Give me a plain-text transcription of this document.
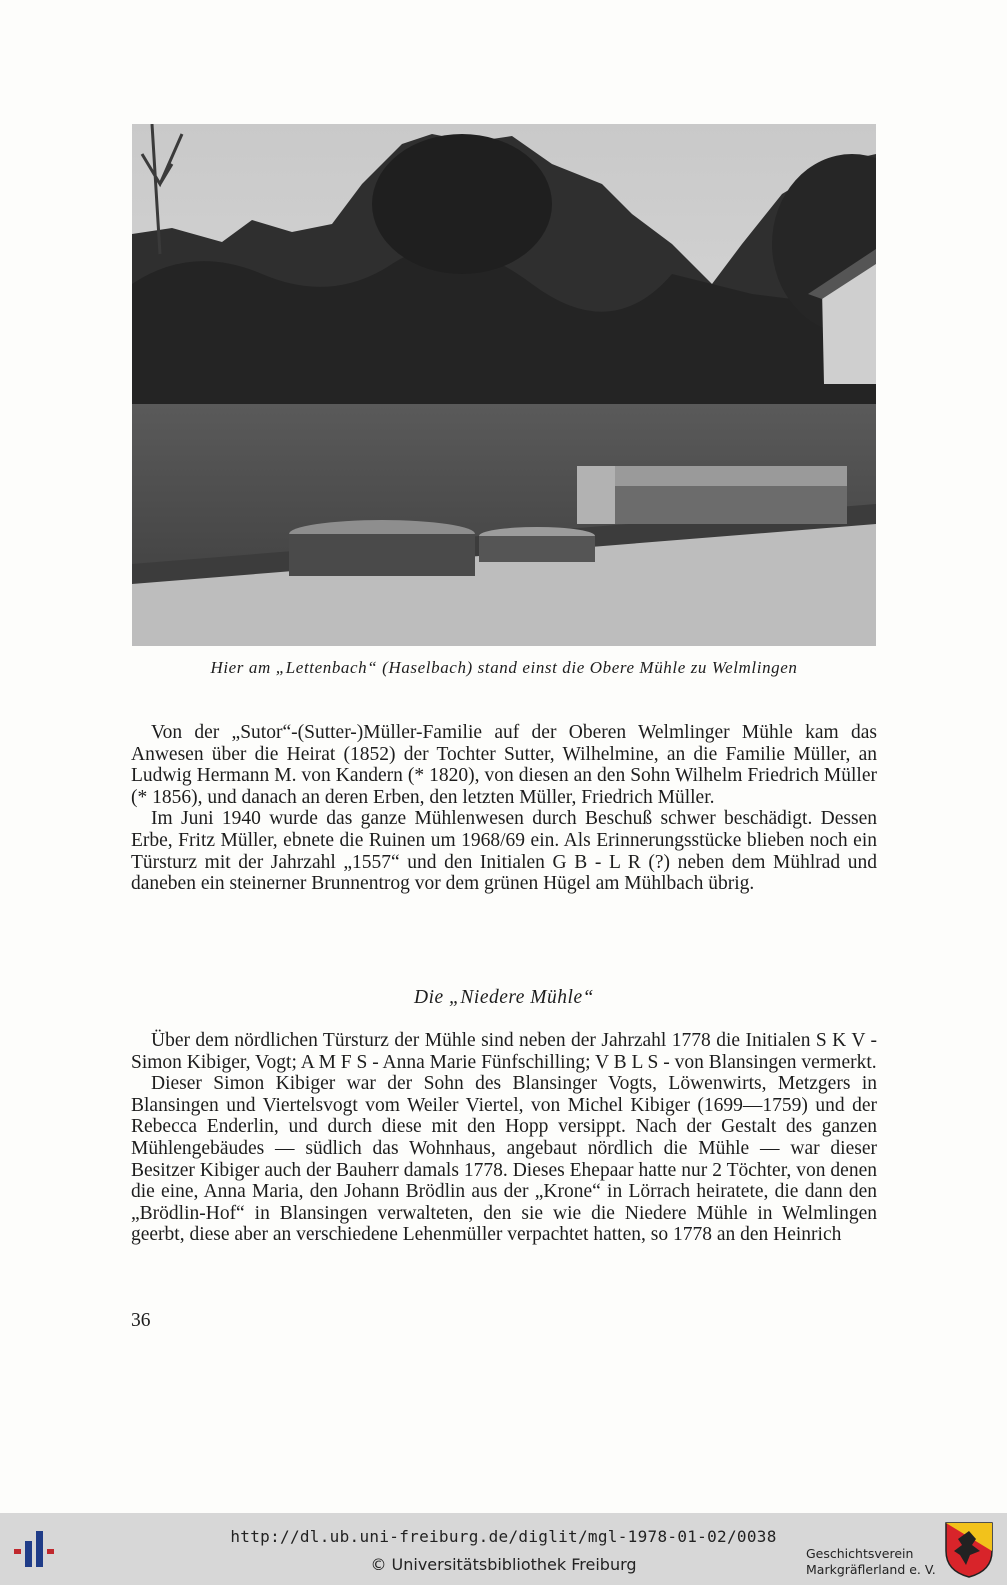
Hier am „Lettenbach“ (Haselbach) stand einst die Obere Mühle zu Welmlingen

Von der „Sutor“-(Sutter-)Müller-Familie auf der Oberen Welmlinger Mühle kam das Anwesen über die Heirat (1852) der Tochter Sutter, Wilhelmine, an die Familie Müller, an Ludwig Hermann M. von Kandern (* 1820), von diesen an den Sohn Wilhelm Friedrich Müller (* 1856), und danach an deren Erben, den letzten Müller, Friedrich Müller.

Im Juni 1940 wurde das ganze Mühlenwesen durch Beschuß schwer beschädigt. Dessen Erbe, Fritz Müller, ebnete die Ruinen um 1968/69 ein. Als Erinnerungsstücke blieben noch ein Türsturz mit der Jahrzahl „1557“ und den Initialen G B - L R (?) neben dem Mühlrad und daneben ein steinerner Brunnentrog vor dem grünen Hügel am Mühlbach übrig.

Die „Niedere Mühle“

Über dem nördlichen Türsturz der Mühle sind neben der Jahrzahl 1778 die Initialen S K V - Simon Kibiger, Vogt; A M F S - Anna Marie Fünfschilling; V B L S - von Blansingen vermerkt.

Dieser Simon Kibiger war der Sohn des Blansinger Vogts, Löwenwirts, Metzgers in Blansingen und Viertelsvogt vom Weiler Viertel, von Michel Kibiger (1699—1759) und der Rebecca Enderlin, und durch diese mit den Hopp versippt. Nach der Gestalt des ganzen Mühlengebäudes — südlich das Wohnhaus, angebaut nördlich die Mühle — war dieser Besitzer Kibiger auch der Bauherr damals 1778. Dieses Ehepaar hatte nur 2 Töchter, von denen die eine, Anna Maria, den Johann Brödlin aus der „Krone“ in Lörrach heiratete, die dann den „Brödlin-Hof“ in Blansingen verwalteten, den sie wie die Niedere Mühle in Welmlingen geerbt, diese aber an verschiedene Lehenmüller verpachtet hatten, so 1778 an den Heinrich

36
http://dl.ub.uni-freiburg.de/diglit/mgl-1978-01-02/0038
© Universitätsbibliothek Freiburg
Geschichtsverein
Markgräflerland e. V.
